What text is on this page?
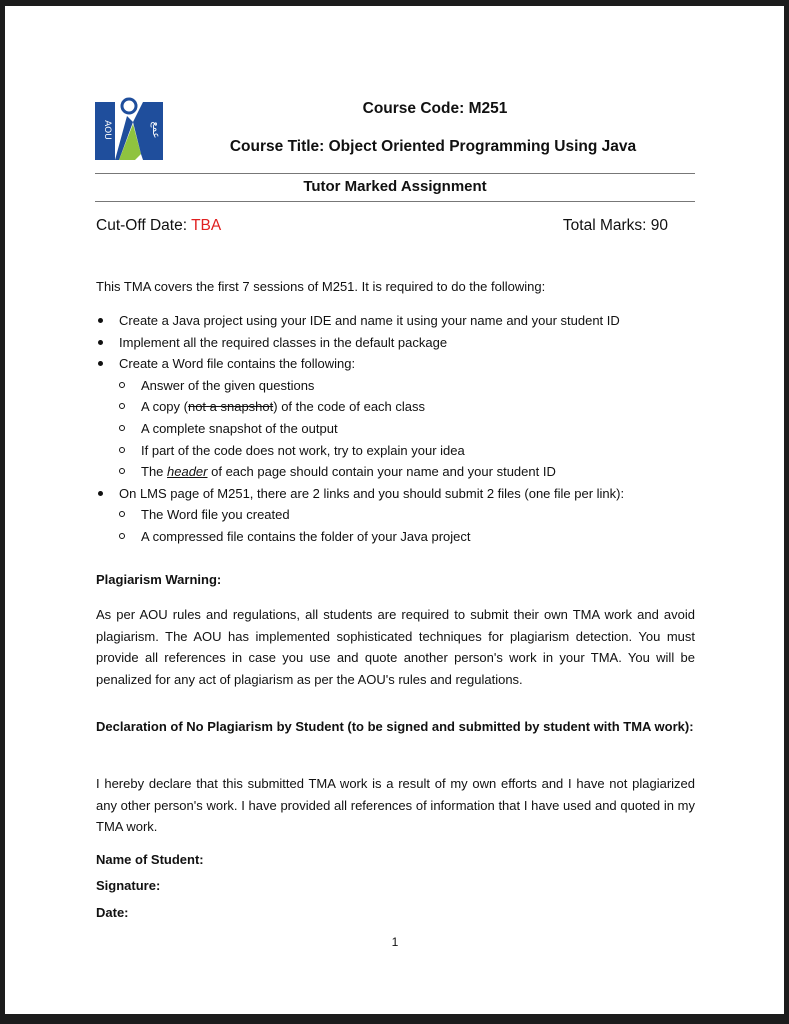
AOU	عمع
Course Code: M251
Course Title: Object Oriented Programming Using Java
Tutor Marked Assignment
Cut-Off Date: TBA	Total Marks: 90
This TMA covers the first 7 sessions of M251. It is required to do the following:
Create a Java project using your IDE and name it using your name and your student ID
Implement all the required classes in the default package
Create a Word file contains the following:
Answer of the given questions
A copy (not a snapshot) of the code of each class
A complete snapshot of the output
If part of the code does not work, try to explain your idea
The header of each page should contain your name and your student ID
On LMS page of M251, there are 2 links and you should submit 2 files (one file per link):
The Word file you created
A compressed file contains the folder of your Java project
Plagiarism Warning:
As per AOU rules and regulations, all students are required to submit their own TMA work and avoid plagiarism. The AOU has implemented sophisticated techniques for plagiarism detection. You must provide all references in case you use and quote another person's work in your TMA. You will be penalized for any act of plagiarism as per the AOU's rules and regulations.
Declaration of No Plagiarism by Student (to be signed and submitted by student with TMA work):
I hereby declare that this submitted TMA work is a result of my own efforts and I have not plagiarized any other person's work. I have provided all references of information that I have used and quoted in my TMA work.
Name of Student:
Signature:
Date:
1
